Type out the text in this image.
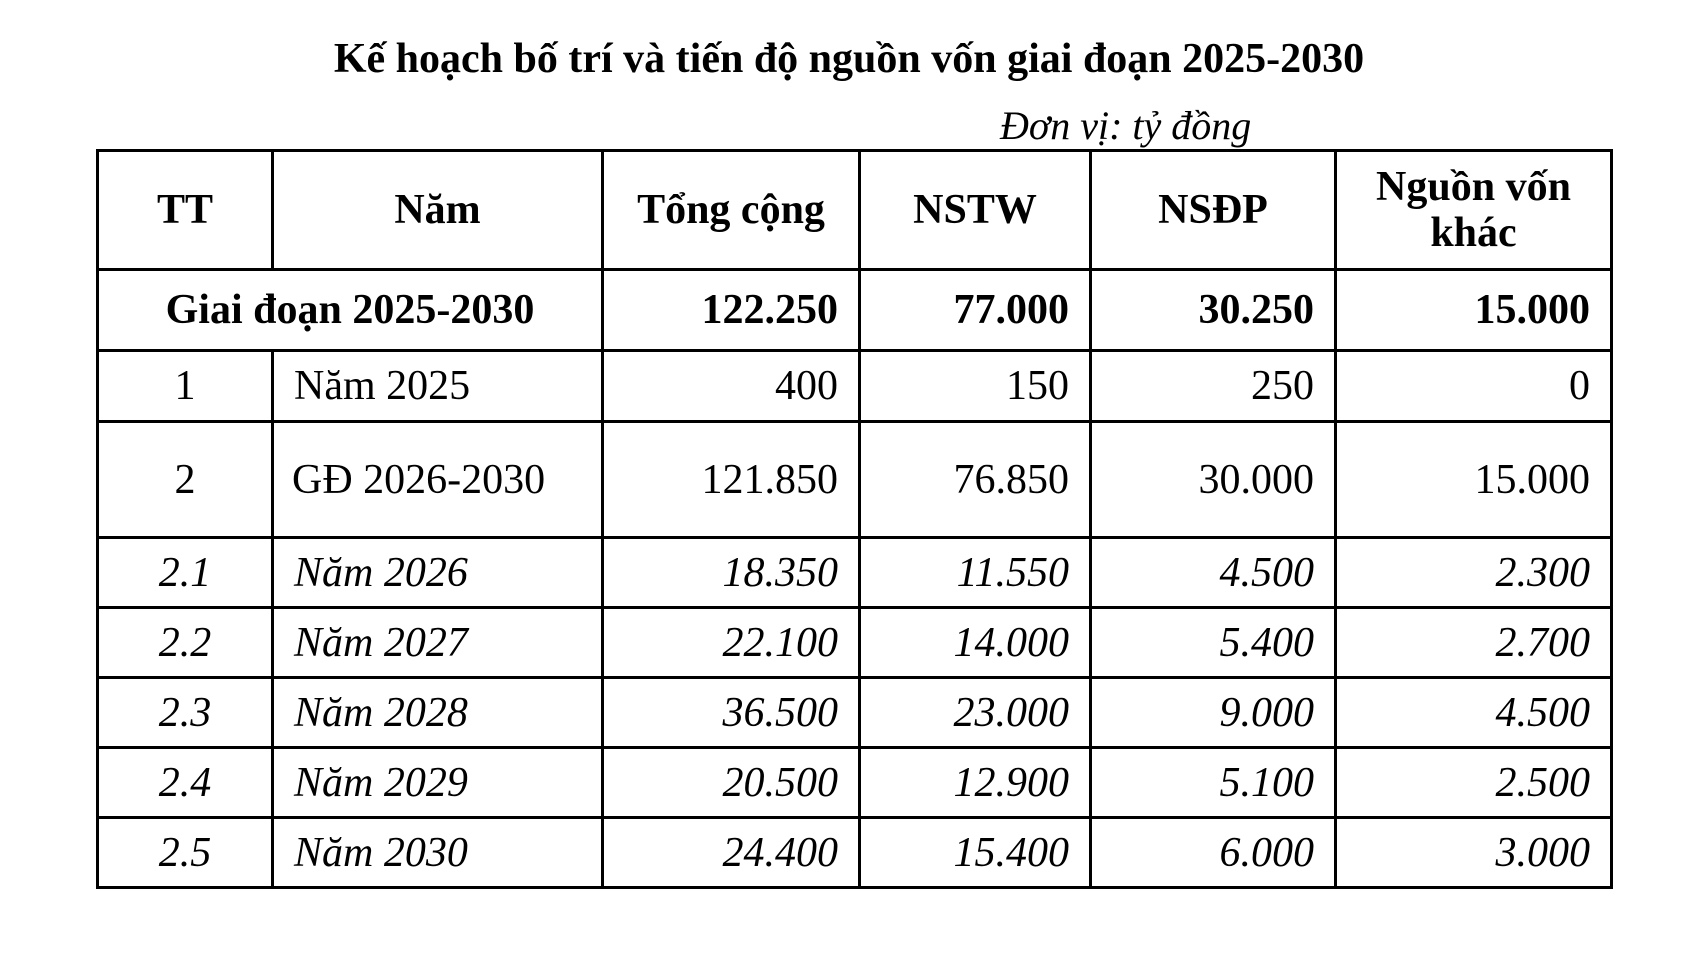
Kế hoạch bố trí và tiến độ nguồn vốn giai đoạn 2025-2030
Đơn vị: tỷ đồng
TT	Năm	Tổng cộng	NSTW	NSĐP	Nguồn vốn khác
Giai đoạn 2025-2030		122.250	77.000	30.250	15.000
1	Năm 2025	400	150	250	0
2	GĐ 2026-2030	121.850	76.850	30.000	15.000
2.1	Năm 2026	18.350	11.550	4.500	2.300
2.2	Năm 2027	22.100	14.000	5.400	2.700
2.3	Năm 2028	36.500	23.000	9.000	4.500
2.4	Năm 2029	20.500	12.900	5.100	2.500
2.5	Năm 2030	24.400	15.400	6.000	3.000
